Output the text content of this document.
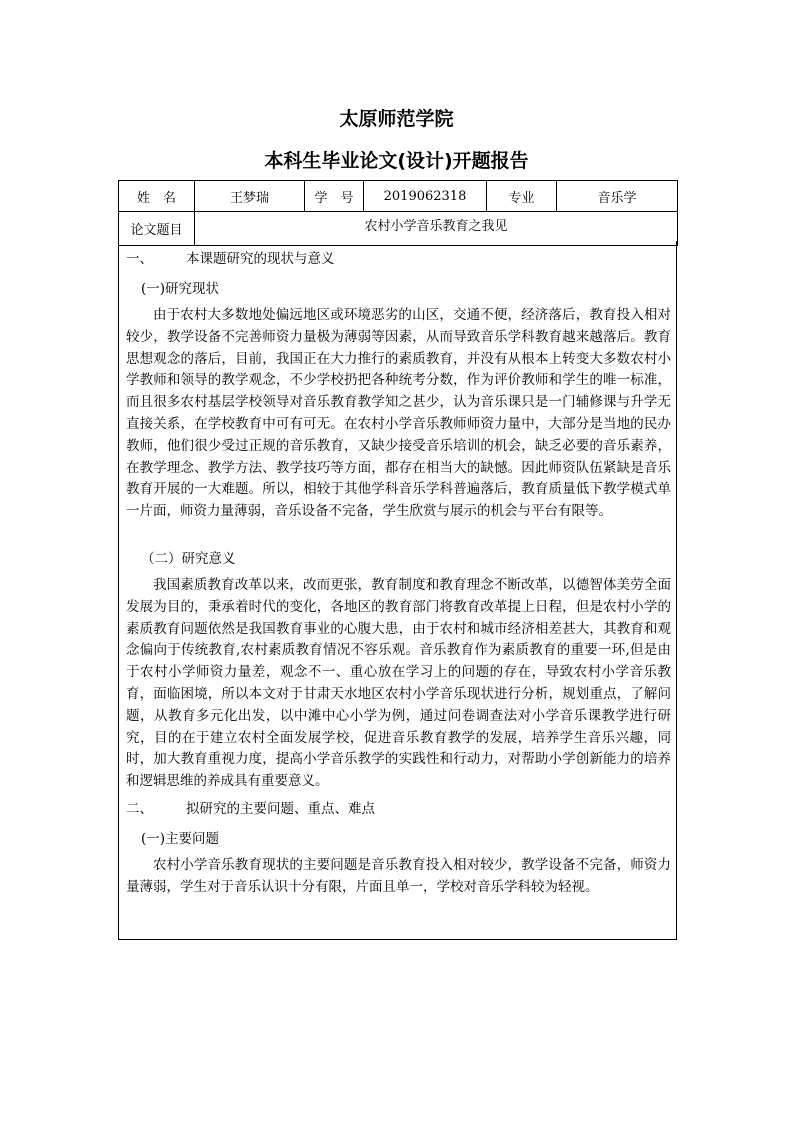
太原师范学院
本科生毕业论文(设计)开题报告
姓　名	王梦瑞	学　号	2019062318	专业	音乐学
论文题目	农村小学音乐教育之我见				
一、 本课题研究的现状与意义
(一)研究现状
由于农村大多数地处偏远地区或环境恶劣的山区，交通不便，经济落后，教育投入相对较少，教学设备不完善师资力量极为薄弱等因素，从而导致音乐学科教育越来越落后。教育思想观念的落后，目前，我国正在大力推行的素质教育，并没有从根本上转变大多数农村小学教师和领导的教学观念，不少学校扔把各种统考分数，作为评价教师和学生的唯一标准，而且很多农村基层学校领导对音乐教育教学知之甚少，认为音乐课只是一门辅修课与升学无直接关系，在学校教育中可有可无。在农村小学音乐教师师资力量中，大部分是当地的民办教师，他们很少受过正规的音乐教育，又缺少接受音乐培训的机会，缺乏必要的音乐素养，在教学理念、教学方法、教学技巧等方面，都存在相当大的缺憾。因此师资队伍紧缺是音乐教育开展的一大难题。所以，相较于其他学科音乐学科普遍落后，教育质量低下教学模式单一片面，师资力量薄弱，音乐设备不完备，学生欣赏与展示的机会与平台有限等。
（二）研究意义
我国素质教育改革以来，改而更张，教育制度和教育理念不断改革，以德智体美劳全面发展为目的，秉承着时代的变化，各地区的教育部门将教育改革提上日程，但是农村小学的素质教育问题依然是我国教育事业的心腹大患，由于农村和城市经济相差甚大，其教育和观念偏向于传统教育,农村素质教育情况不容乐观。音乐教育作为素质教育的重要一环,但是由于农村小学师资力量差，观念不一、重心放在学习上的问题的存在，导致农村小学音乐教育，面临困境，所以本文对于甘肃天水地区农村小学音乐现状进行分析，规划重点，了解问题，从教育多元化出发，以中滩中心小学为例，通过问卷调查法对小学音乐课教学进行研究，目的在于建立农村全面发展学校，促进音乐教育教学的发展，培养学生音乐兴趣，同时，加大教育重视力度，提高小学音乐教学的实践性和行动力，对帮助小学创新能力的培养和逻辑思维的养成具有重要意义。
二、 拟研究的主要问题、重点、难点
(一)主要问题
农村小学音乐教育现状的主要问题是音乐教育投入相对较少，教学设备不完备，师资力量薄弱，学生对于音乐认识十分有限，片面且单一，学校对音乐学科较为轻视。
